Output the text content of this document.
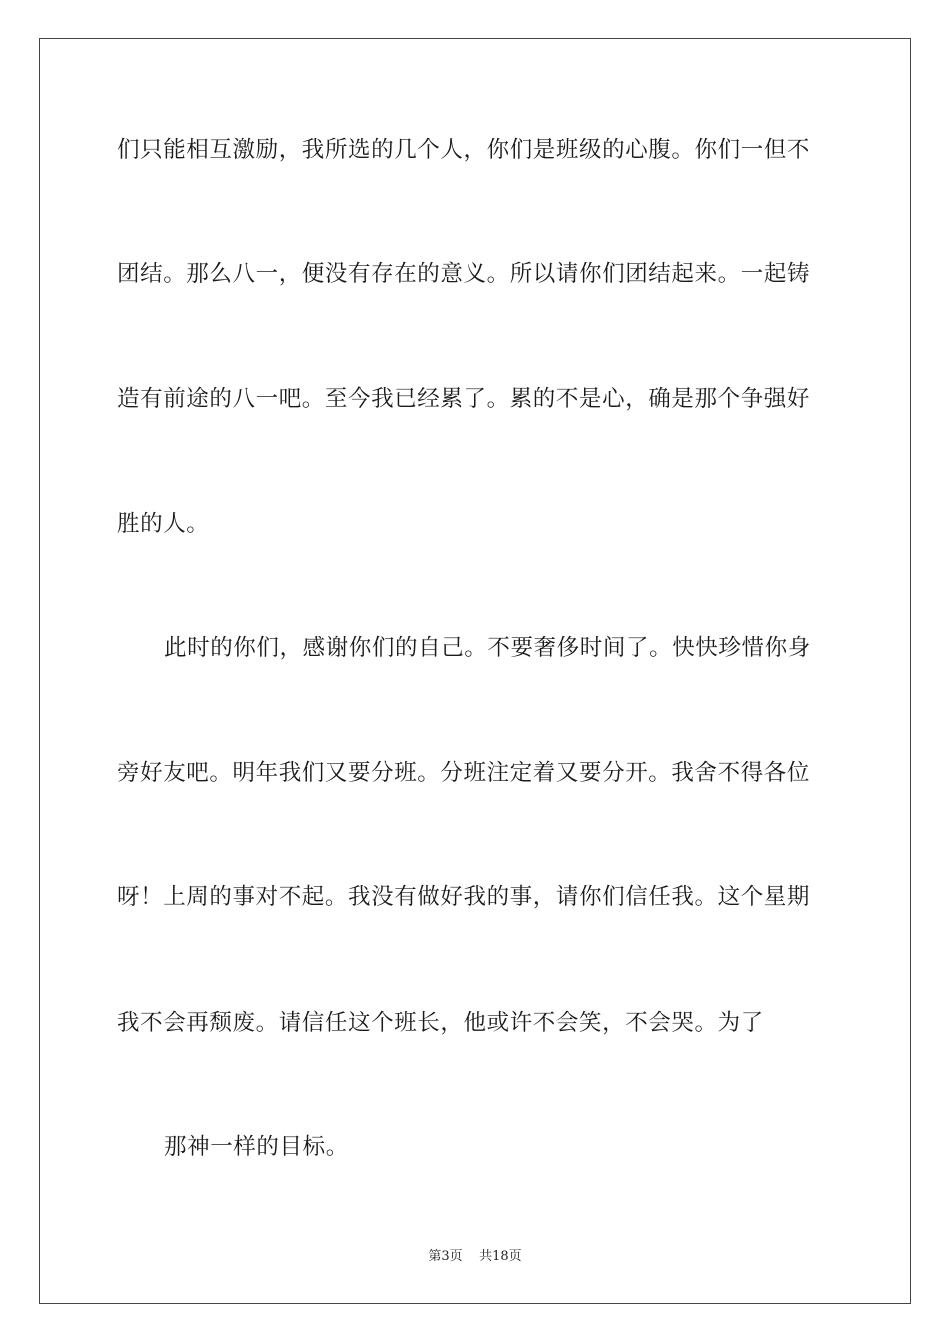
们只能相互激励，我所选的几个人，你们是班级的心腹。你们一但不
团结。那么八一，便没有存在的意义。所以请你们团结起来。一起铸
造有前途的八一吧。至今我已经累了。累的不是心，确是那个争强好
胜的人。
此时的你们，感谢你们的自己。不要奢侈时间了。快快珍惜你身
旁好友吧。明年我们又要分班。分班注定着又要分开。我舍不得各位
呀！上周的事对不起。我没有做好我的事，请你们信任我。这个星期
我不会再颓废。请信任这个班长，他或许不会笑，不会哭。为了
那神一样的目标。
第3页    共18页
